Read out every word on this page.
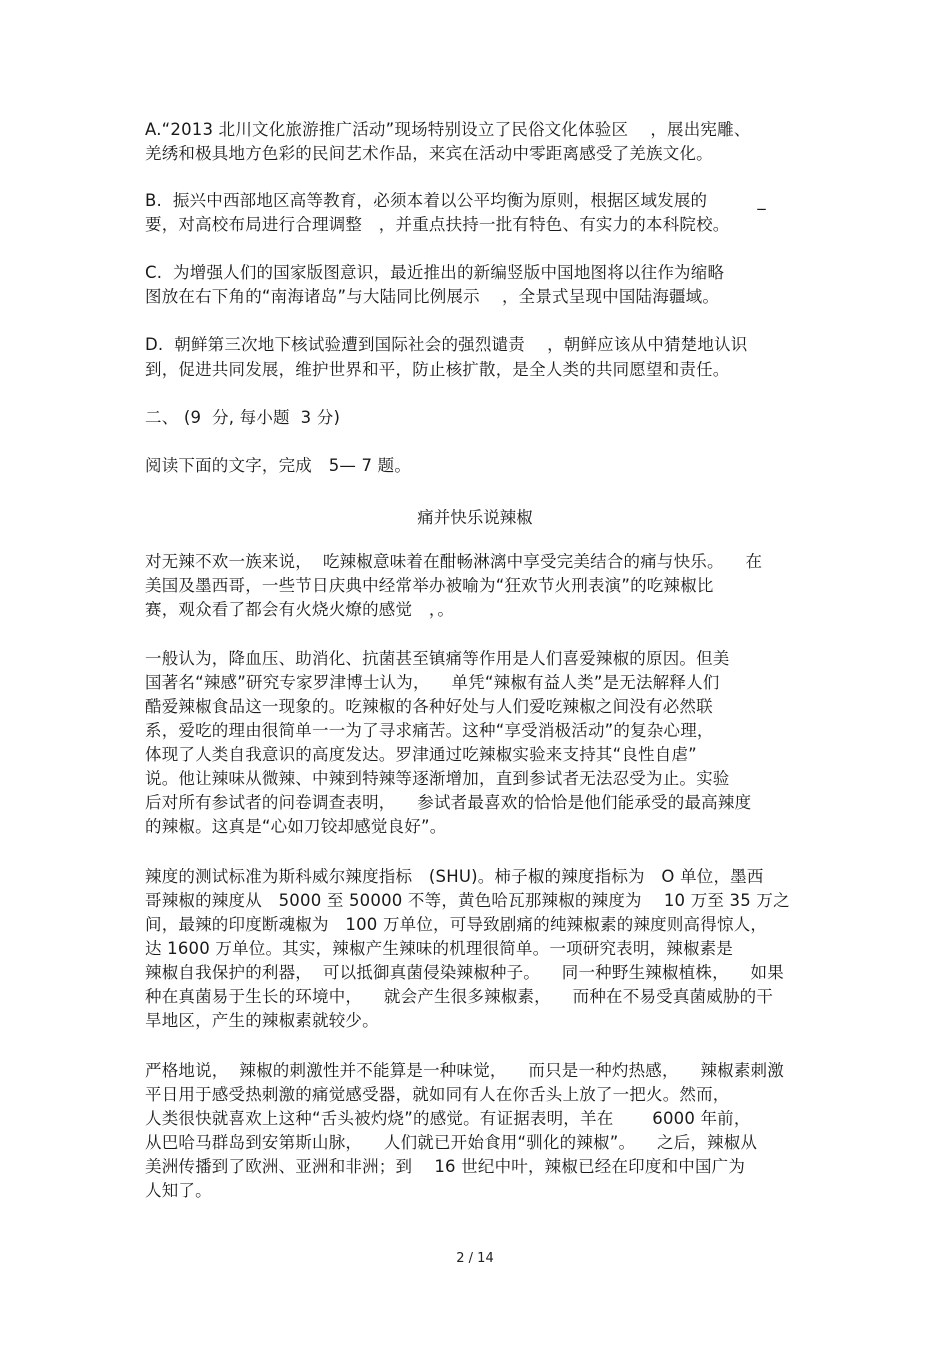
A.“2013 北川文化旅游推广活动”现场特别设立了民俗文化体验区　 ，展出宪雕、
羌绣和极具地方色彩的民间艺术作品，来宾在活动中零距离感受了羌族文化。
B.  振兴中西部地区高等教育，必须本着以公平均衡为原则，根据区域发展的　　　_
要，对高校布局进行合理调整　，并重点扶持一批有特色、有实力的本科院校。
C.  为增强人们的国家版图意识，最近推出的新编竖版中国地图将以往作为缩略
图放在右下角的“南海诸岛”与大陆同比例展示　 ，全景式呈现中国陆海疆域。
D.  朝鲜第三次地下核试验遭到国际社会的强烈谴责　 ，朝鲜应该从中猜楚地认识
到，促进共同发展，维护世界和平，防止核扩散，是全人类的共同愿望和责任。
二、 (9  分, 每小题  3 分)
阅读下面的文字，完成　5— 7 题。
痛并快乐说辣椒
对无辣不欢一族来说，  吃辣椒意味着在酣畅淋漓中享受完美结合的痛与快乐。    在
美国及墨西哥，一些节日庆典中经常举办被喻为“狂欢节火刑表演”的吃辣椒比
赛，观众看了都会有火烧火燎的感觉　，。
一般认为，降血压、助消化、抗菌甚至镇痛等作用是人们喜爱辣椒的原因。但美
国著名“辣感”研究专家罗津博士认为，    单凭“辣椒有益人类”是无法解释人们
酷爱辣椒食品这一现象的。吃辣椒的各种好处与人们爱吃辣椒之间没有必然联
系，爱吃的理由很简单一一为了寻求痛苦。这种“享受消极活动”的复杂心理，
体现了人类自我意识的高度发达。罗津通过吃辣椒实验来支持其“良性自虐”
说。他让辣味从微辣、中辣到特辣等逐渐增加，直到参试者无法忍受为止。实验
后对所有参试者的问卷调查表明，    参试者最喜欢的恰恰是他们能承受的最高辣度
的辣椒。这真是“心如刀铰却感觉良好”。
辣度的测试标准为斯科威尔辣度指标　(SHU)。柿子椒的辣度指标为　O 单位，墨西
哥辣椒的辣度从　5000 至 50000 不等，黄色哈瓦那辣椒的辣度为　 10 万至 35 万之
间，最辣的印度断魂椒为　100 万单位，可导致剧痛的纯辣椒素的辣度则高得惊人，
达 1600 万单位。其实，辣椒产生辣味的机理很简单。一项研究表明，辣椒素是
辣椒自我保护的利器，  可以抵御真菌侵染辣椒种子。    同一种野生辣椒植株，    如果
种在真菌易于生长的环境中，    就会产生很多辣椒素，    而种在不易受真菌威胁的干
旱地区，产生的辣椒素就较少。
严格地说，  辣椒的刺激性并不能算是一种味觉，    而只是一种灼热感，    辣椒素刺激
平日用于感受热刺激的痛觉感受器，就如同有人在你舌头上放了一把火。然而，
人类很快就喜欢上这种“舌头被灼烧”的感觉。有证据表明，羊在　　 6000 年前，
从巴哈马群岛到安第斯山脉，    人们就已开始食用“驯化的辣椒”。    之后，辣椒从
美洲传播到了欧洲、亚洲和非洲；到　 16 世纪中叶，辣椒已经在印度和中国广为
人知了。
2 / 14
